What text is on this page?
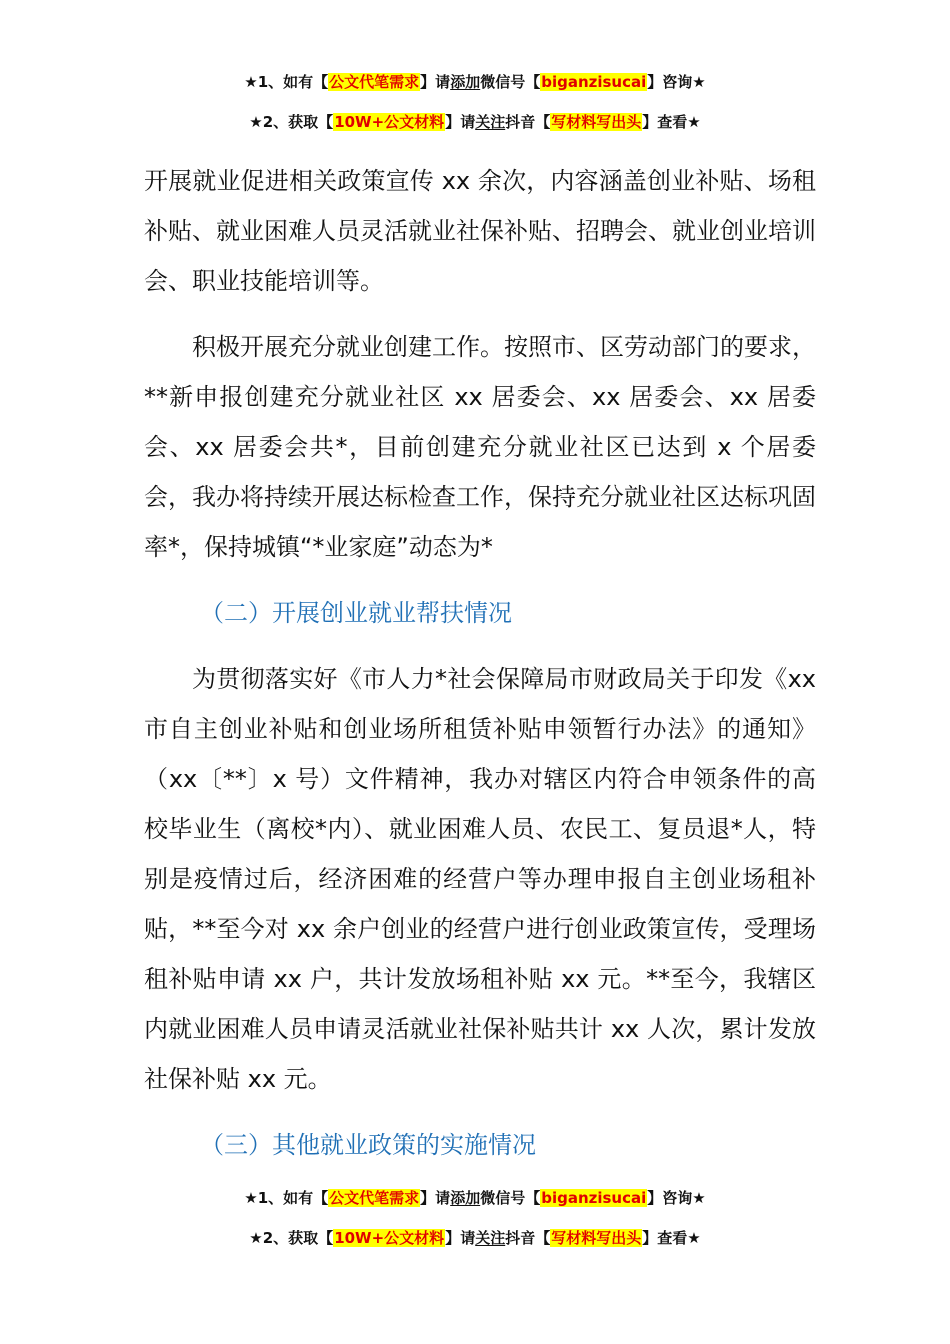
★1、如有【公文代笔需求】请添加微信号【biganzisucai】咨询★
★2、获取【10W+公文材料】请关注抖音【写材料写出头】查看★

开展就业促进相关政策宣传 xx 余次，内容涵盖创业补贴、场租补贴、就业困难人员灵活就业社保补贴、招聘会、就业创业培训会、职业技能培训等。

积极开展充分就业创建工作。按照市、区劳动部门的要求，**新申报创建充分就业社区 xx 居委会、xx 居委会、xx 居委会、xx 居委会共*，目前创建充分就业社区已达到 x 个居委会，我办将持续开展达标检查工作，保持充分就业社区达标巩固率*，保持城镇“*业家庭”动态为*

（二）开展创业就业帮扶情况

为贯彻落实好《市人力*社会保障局市财政局关于印发《xx 市自主创业补贴和创业场所租赁补贴申领暂行办法》的通知》（xx〔**〕x 号）文件精神，我办对辖区内符合申领条件的高校毕业生（离校*内）、就业困难人员、农民工、复员退*人，特别是疫情过后，经济困难的经营户等办理申报自主创业场租补贴，**至今对 xx 余户创业的经营户进行创业政策宣传，受理场租补贴申请 xx 户，共计发放场租补贴 xx 元。**至今，我辖区内就业困难人员申请灵活就业社保补贴共计 xx 人次，累计发放社保补贴 xx 元。

（三）其他就业政策的实施情况
★1、如有【公文代笔需求】请添加微信号【biganzisucai】咨询★
★2、获取【10W+公文材料】请关注抖音【写材料写出头】查看★
